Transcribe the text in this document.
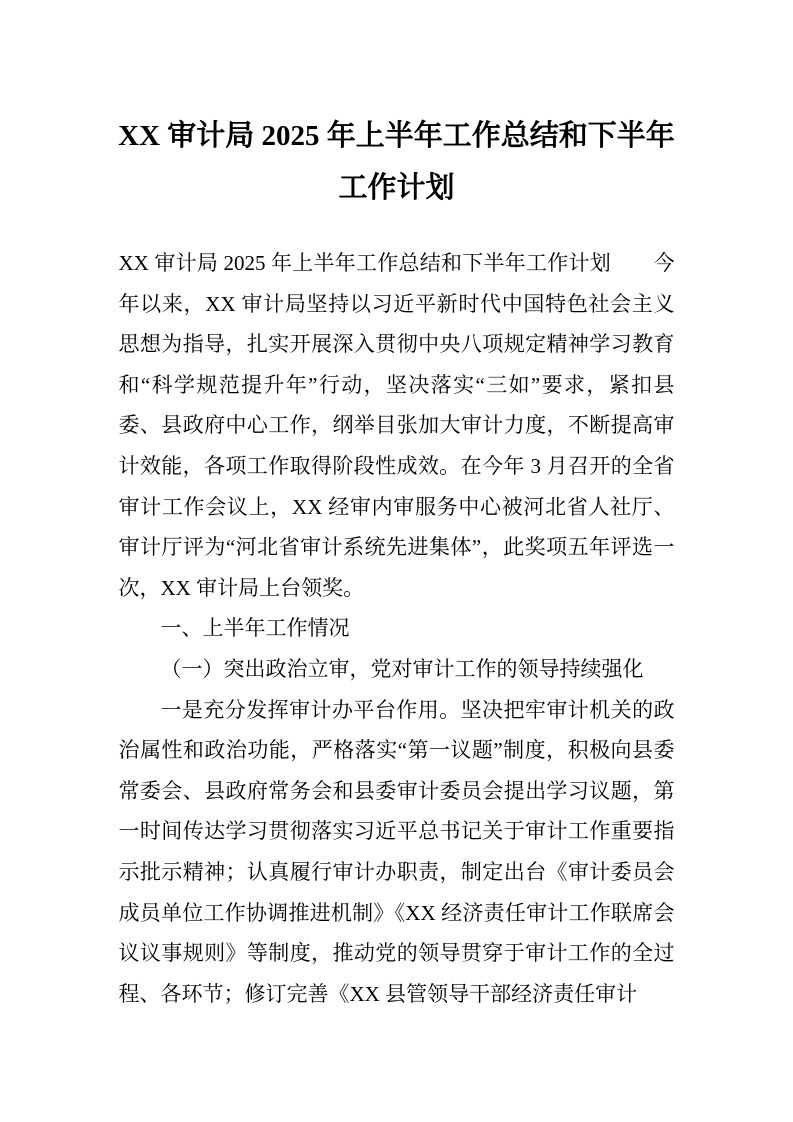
XX 审计局 2025 年上半年工作总结和下半年
工作计划

XX 审计局 2025 年上半年工作总结和下半年工作计划　　今年以来，XX 审计局坚持以习近平新时代中国特色社会主义思想为指导，扎实开展深入贯彻中央八项规定精神学习教育和“科学规范提升年”行动，坚决落实“三如”要求，紧扣县委、县政府中心工作，纲举目张加大审计力度，不断提高审计效能，各项工作取得阶段性成效。在今年 3 月召开的全省审计工作会议上，XX 经审内审服务中心被河北省人社厅、审计厅评为“河北省审计系统先进集体”，此奖项五年评选一次，XX 审计局上台领奖。

一、上半年工作情况

（一）突出政治立审，党对审计工作的领导持续强化

一是充分发挥审计办平台作用。坚决把牢审计机关的政治属性和政治功能，严格落实“第一议题”制度，积极向县委常委会、县政府常务会和县委审计委员会提出学习议题，第一时间传达学习贯彻落实习近平总书记关于审计工作重要指示批示精神；认真履行审计办职责，制定出台《审计委员会成员单位工作协调推进机制》《XX 经济责任审计工作联席会议议事规则》等制度，推动党的领导贯穿于审计工作的全过程、各环节；修订完善《XX 县管领导干部经济责任审计
